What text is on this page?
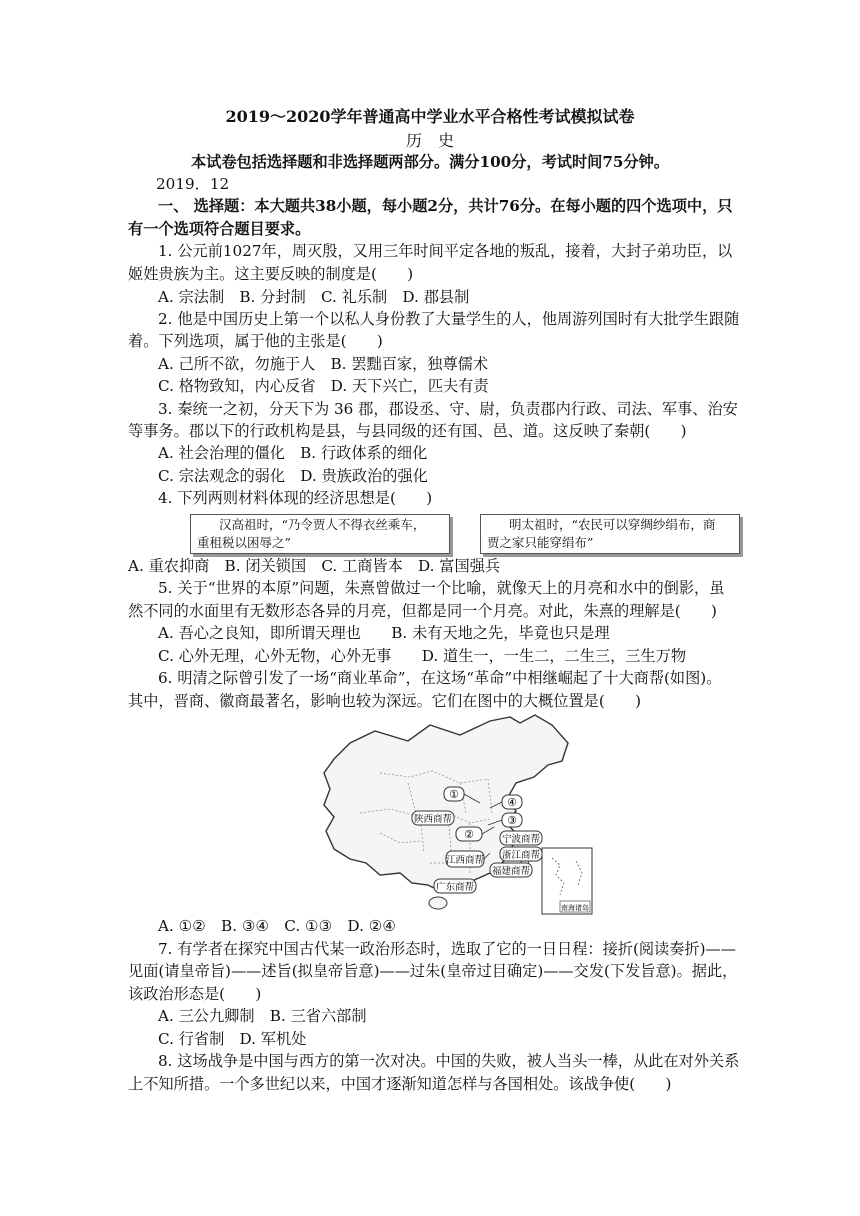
2019～2020学年普通高中学业水平合格性考试模拟试卷
历　史
本试卷包括选择题和非选择题两部分。满分100分，考试时间75分钟。
2019．12
一、 选择题：本大题共38小题，每小题2分，共计76分。在每小题的四个选项中，只
有一个选项符合题目要求。
1. 公元前1027年，周灭殷，又用三年时间平定各地的叛乱，接着，大封子弟功臣，以
姬姓贵族为主。这主要反映的制度是(　　)
A. 宗法制　B. 分封制　C. 礼乐制　D. 郡县制
2. 他是中国历史上第一个以私人身份教了大量学生的人，他周游列国时有大批学生跟随
着。下列选项，属于他的主张是(　　)
A. 己所不欲，勿施于人　B. 罢黜百家，独尊儒术
C. 格物致知，内心反省　D. 天下兴亡，匹夫有责
3. 秦统一之初，分天下为 36 郡，郡设丞、守、尉，负责郡内行政、司法、军事、治安
等事务。郡以下的行政机构是县，与县同级的还有国、邑、道。这反映了秦朝(　　)
A. 社会治理的僵化　B. 行政体系的细化
C. 宗法观念的弱化　D. 贵族政治的强化
4. 下列两则材料体现的经济思想是(　　)
汉高祖时，“乃令贾人不得衣丝乘车，
重租税以困辱之”
明太祖时，“农民可以穿绸纱绢布，商
贾之家只能穿绢布”
A. 重农抑商　B. 闭关锁国　C. 工商皆本　D. 富国强兵
5. 关于“世界的本原”问题，朱熹曾做过一个比喻，就像天上的月亮和水中的倒影，虽
然不同的水面里有无数形态各异的月亮，但都是同一个月亮。对此，朱熹的理解是(　　)
A. 吾心之良知，即所谓天理也　　B. 未有天地之先，毕竟也只是理
C. 心外无理，心外无物，心外无事　　D. 道生一，一生二，二生三，三生万物
6. 明清之际曾引发了一场“商业革命”，在这场“革命”中相继崛起了十大商帮(如图)。
其中，晋商、徽商最著名，影响也较为深远。它们在图中的大概位置是(　　)
①
④
③
②
陕西商帮
宁波商帮
浙江商帮
江西商帮
福建商帮
广东商帮
南海诸岛
A. ①②　B. ③④　C. ①③　D. ②④
7. 有学者在探究中国古代某一政治形态时，选取了它的一日日程：接折(阅读奏折)——
见面(请皇帝旨)——述旨(拟皇帝旨意)——过朱(皇帝过目确定)——交发(下发旨意)。据此，
该政治形态是(　　)
A. 三公九卿制　B. 三省六部制
C. 行省制　D. 军机处
8. 这场战争是中国与西方的第一次对决。中国的失败，被人当头一棒，从此在对外关系
上不知所措。一个多世纪以来，中国才逐渐知道怎样与各国相处。该战争使(　　)
